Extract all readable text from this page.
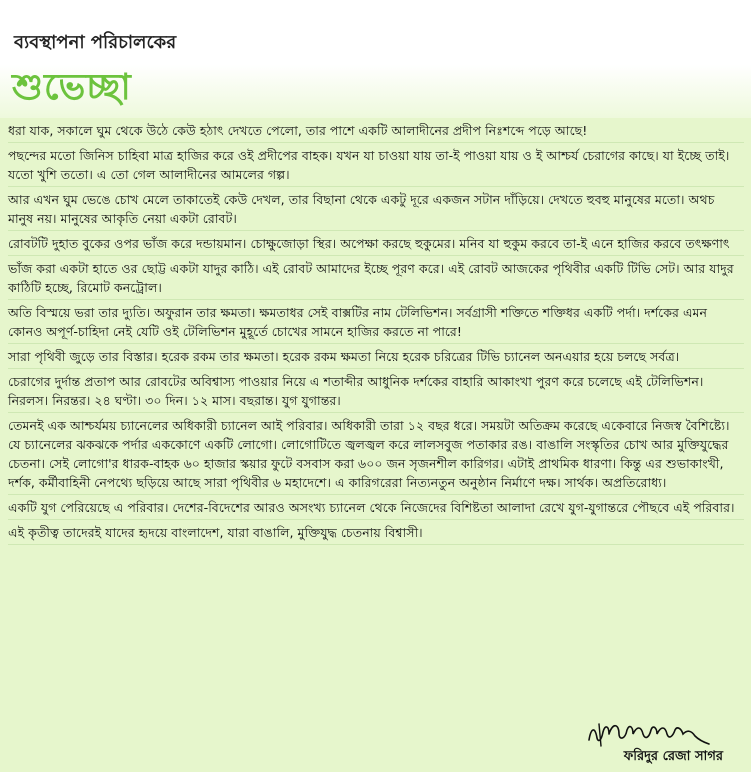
ব্যবস্থাপনা পরিচালকের
শুভেচ্ছা

ধরা যাক, সকালে ঘুম থেকে উঠে কেউ হঠাৎ দেখতে পেলো, তার পাশে একটি আলাদীনের প্রদীপ নিঃশব্দে পড়ে আছে!

পছন্দের মতো জিনিস চাহিবা মাত্র হাজির করে ওই প্রদীপের বাহক। যখন যা চাওয়া যায় তা-ই পাওয়া যায় ও ই আশ্চর্য চেরাগের কাছে। যা ইচ্ছে তাই। যতো খুশি ততো। এ তো গেল আলাদীনের আমলের গল্প।

আর এখন ঘুম ভেঙে চোখ মেলে তাকাতেই কেউ দেখল, তার বিছানা থেকে একটু দূরে একজন সটান দাঁড়িয়ে। দেখতে হুবহু মানুষের মতো। অথচ মানুষ নয়। মানুষের আকৃতি নেয়া একটা রোবট।

রোবটটি দুহাত বুকের ওপর ভাঁজ করে দন্ডায়মান। চোক্ষুজোড়া স্থির। অপেক্ষা করছে হুকুমের। মনিব যা হুকুম করবে তা-ই এনে হাজির করবে তৎক্ষণাৎ

ভাঁজ করা একটা হাতে ওর ছোট্ট একটা যাদুর কাঠি। এই রোবট আমাদের ইচ্ছে পূরণ করে। এই রোবট আজকের পৃথিবীর একটি টিভি সেট। আর যাদুর কাঠিটি হচ্ছে, রিমোট কনট্রোল।

অতি বিস্ময়ে ভরা তার দ্যুতি। অফুরান তার ক্ষমতা। ক্ষমতাধর সেই বাক্সটির নাম টেলিভিশন। সর্বগ্রাসী শক্তিতে শক্তিধর একটি পর্দা। দর্শকের এমন কোনও অপূর্ণ-চাহিদা নেই যেটি ওই টেলিভিশন মুহূর্তে চোখের সামনে হাজির করতে না পারে!

সারা পৃথিবী জুড়ে তার বিস্তার। হরেক রকম তার ক্ষমতা। হরেক রকম ক্ষমতা নিয়ে হরেক চরিত্রের টিভি চ্যানেল অনএয়ার হয়ে চলছে সর্বত্র।

চেরাগের দুর্দান্ত প্রতাপ আর রোবটের অবিশ্বাস্য পাওয়ার নিয়ে এ শতাব্দীর আধুনিক দর্শকের বাহারি আকাংখা পুরণ করে চলেছে এই টেলিভিশন। নিরলস। নিরন্তর। ২৪ ঘণ্টা। ৩০ দিন। ১২ মাস। বছরান্ত। যুগ যুগান্তর।

তেমনই এক আশ্চর্যময় চ্যানেলের অধিকারী চ্যানেল আই পরিবার। অধিকারী তারা ১২ বছর ধরে। সময়টা অতিক্রম করেছে একেবারে নিজস্ব বৈশিষ্ট্যে। যে চ্যানেলের ঝকঝকে পর্দার এককোণে একটি লোগো। লোগোটিতে জ্বলজ্বল করে লালসবুজ পতাকার রঙ। বাঙালি সংস্কৃতির চোখ আর মুক্তিযুদ্ধের চেতনা। সেই লোগো'র ধারক-বাহক ৬০ হাজার স্কয়ার ফুটে বসবাস করা ৬০০ জন সৃজনশীল কারিগর। এটাই প্রাথমিক ধারণা। কিন্তু এর শুভাকাংখী, দর্শক, কর্মীবাহিনী নেপথ্যে ছড়িয়ে আছে সারা পৃথিবীর ৬ মহাদেশে। এ কারিগরেরা নিত্যনতুন অনুষ্ঠান নির্মাণে দক্ষ। সার্থক। অপ্রতিরোধ্য।

একটি যুগ পেরিয়েছে এ পরিবার। দেশের-বিদেশের আরও অসংখ্য চ্যানেল থেকে নিজেদের বিশিষ্টতা আলাদা রেখে যুগ-যুগান্তরে পৌছবে এই পরিবার।

এই কৃতীত্ব তাদেরই যাদের হৃদয়ে বাংলাদেশ, যারা বাঙালি, মুক্তিযুদ্ধ চেতনায় বিশ্বাসী।

ফরিদুর রেজা সাগর
